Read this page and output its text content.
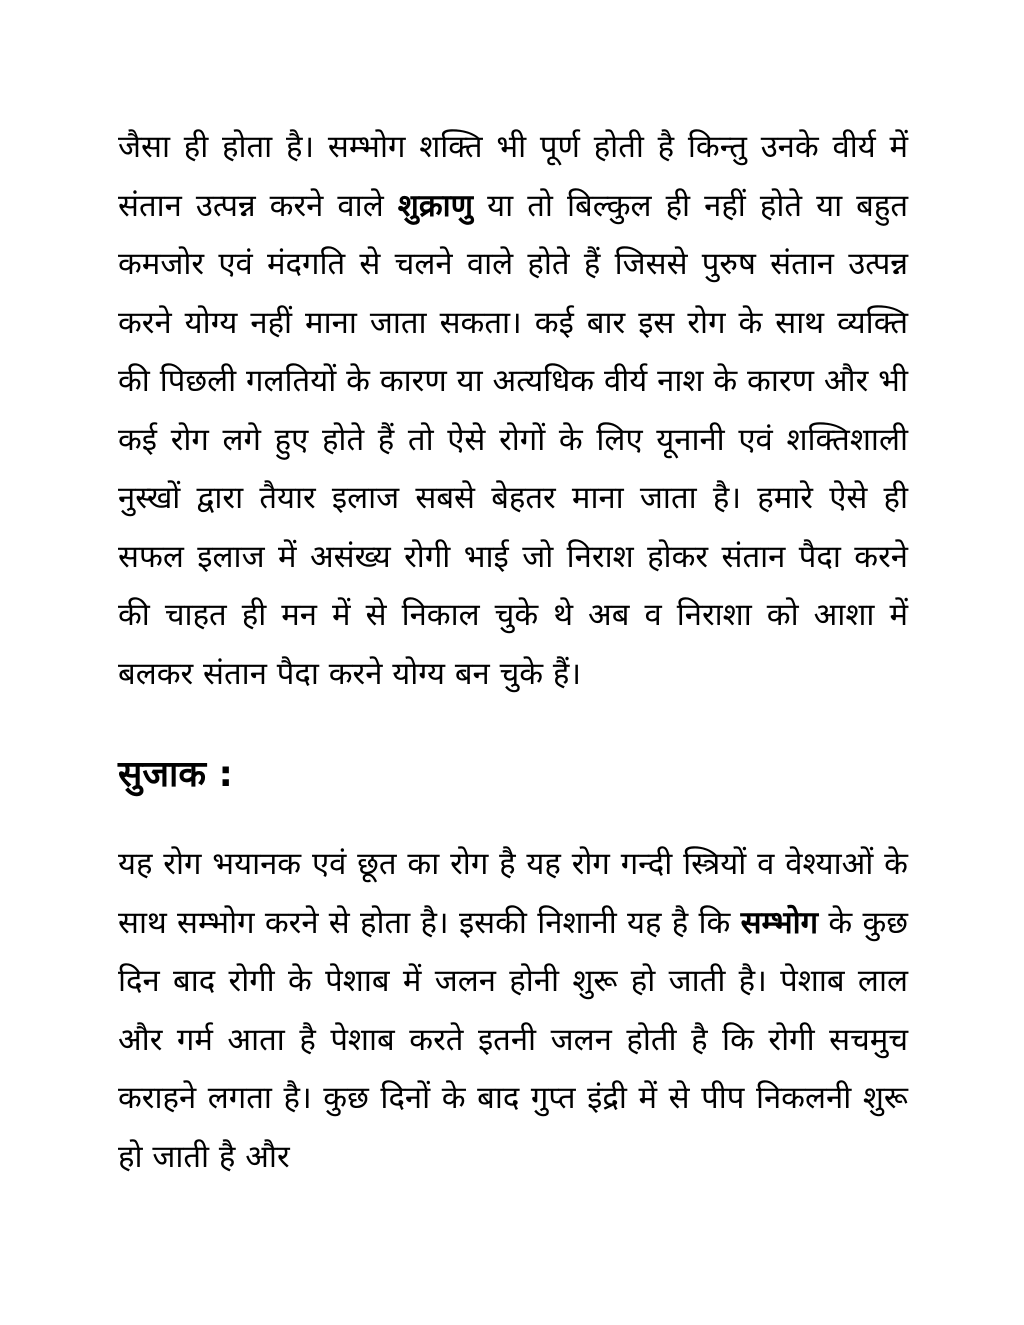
जैसा ही होता है। सम्भोग शक्ति भी पूर्ण होती है किन्तु उनके वीर्य में संतान उत्पन्न करने वाले शुक्राणु या तो बिल्कुल ही नहीं होते या बहुत कमजोर एवं मंदगति से चलने वाले होते हैं जिससे पुरुष संतान उत्पन्न करने योग्य नहीं माना जाता सकता। कई बार इस रोग के साथ व्यक्ति की पिछली गलतियों के कारण या अत्यधिक वीर्य नाश के कारण और भी कई रोग लगे हुए होते हैं तो ऐसे रोगों के लिए यूनानी एवं शक्तिशाली नुस्खों द्वारा तैयार इलाज सबसे बेहतर माना जाता है। हमारे ऐसे ही सफल इलाज में असंख्य रोगी भाई जो निराश होकर संतान पैदा करने की चाहत ही मन में से निकाल चुके थे अब व निराशा को आशा में बलकर संतान पैदा करने योग्य बन चुके हैं।

सुजाक :

यह रोग भयानक एवं छूत का रोग है यह रोग गन्दी स्त्रियों व वेश्याओं के साथ सम्भोग करने से होता है। इसकी निशानी यह है कि सम्भोग के कुछ दिन बाद रोगी के पेशाब में जलन होनी शुरू हो जाती है। पेशाब लाल और गर्म आता है पेशाब करते इतनी जलन होती है कि रोगी सचमुच कराहने लगता है। कुछ दिनों के बाद गुप्त इंद्री में से पीप निकलनी शुरू हो जाती है और
